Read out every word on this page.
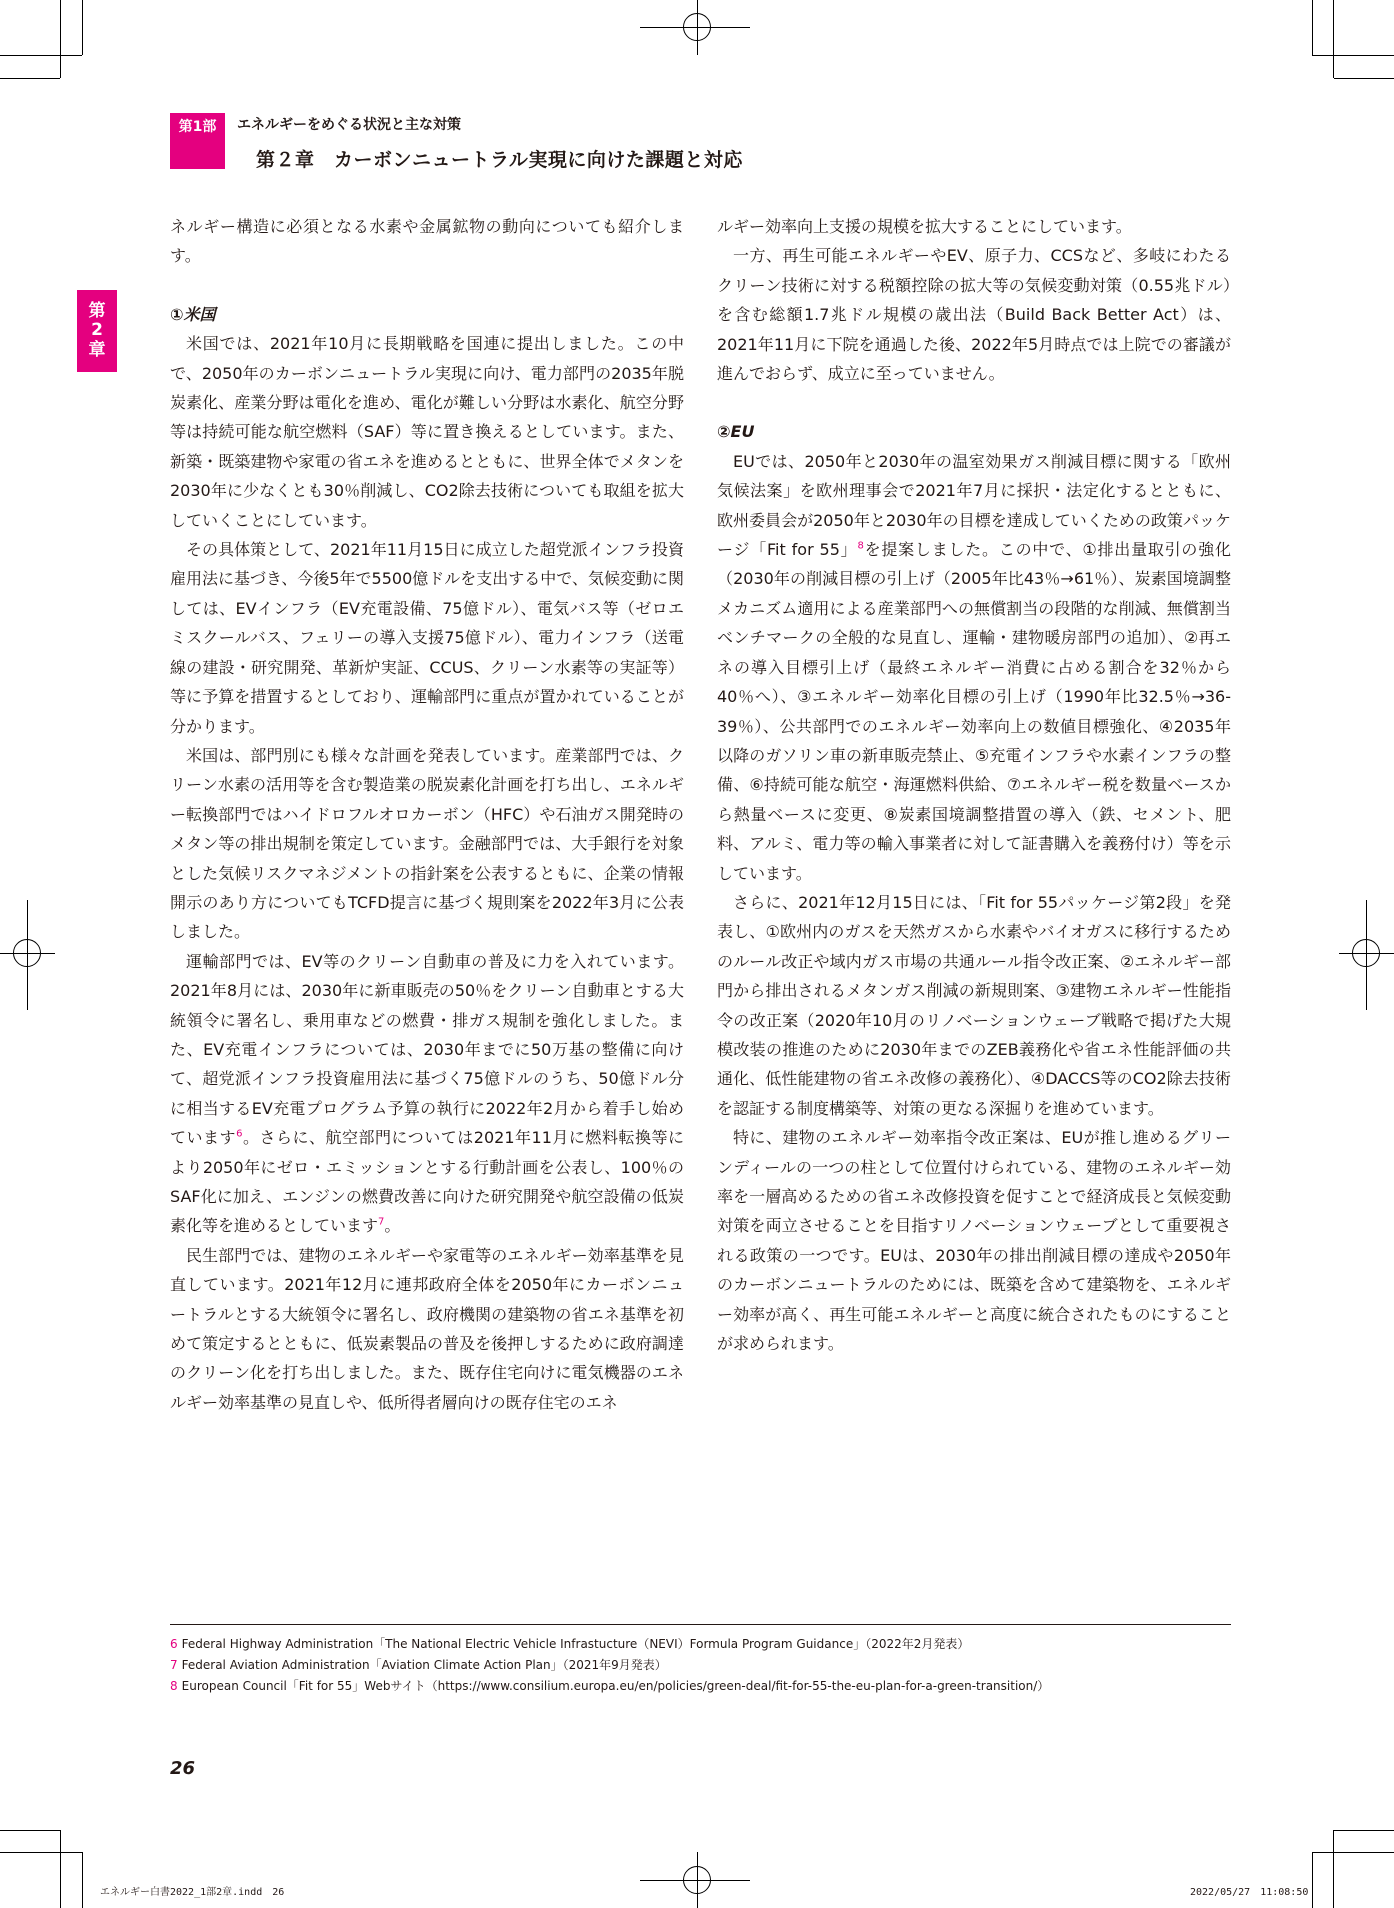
第1部	エネルギーをめぐる状況と主な対策
第２章　カーボンニュートラル実現に向けた課題と対応
第
2
章

ネルギー構造に必須となる水素や金属鉱物の動向についても紹介します。

①米国

米国では、2021年10月に長期戦略を国連に提出しました。この中で、2050年のカーボンニュートラル実現に向け、電力部門の2035年脱炭素化、産業分野は電化を進め、電化が難しい分野は水素化、航空分野等は持続可能な航空燃料（SAF）等に置き換えるとしています。また、新築・既築建物や家電の省エネを進めるとともに、世界全体でメタンを2030年に少なくとも30％削減し、CO2除去技術についても取組を拡大していくことにしています。

その具体策として、2021年11月15日に成立した超党派インフラ投資雇用法に基づき、今後5年で5500億ドルを支出する中で、気候変動に関しては、EVインフラ（EV充電設備、75億ドル）、電気バス等（ゼロエミスクールバス、フェリーの導入支援75億ドル）、電力インフラ（送電線の建設・研究開発、革新炉実証、CCUS、クリーン水素等の実証等）等に予算を措置するとしており、運輸部門に重点が置かれていることが分かります。

米国は、部門別にも様々な計画を発表しています。産業部門では、クリーン水素の活用等を含む製造業の脱炭素化計画を打ち出し、エネルギー転換部門ではハイドロフルオロカーボン（HFC）や石油ガス開発時のメタン等の排出規制を策定しています。金融部門では、大手銀行を対象とした気候リスクマネジメントの指針案を公表するともに、企業の情報開示のあり方についてもTCFD提言に基づく規則案を2022年3月に公表しました。

運輸部門では、EV等のクリーン自動車の普及に力を入れています。2021年8月には、2030年に新車販売の50％をクリーン自動車とする大統領令に署名し、乗用車などの燃費・排ガス規制を強化しました。また、EV充電インフラについては、2030年までに50万基の整備に向けて、超党派インフラ投資雇用法に基づく75億ドルのうち、50億ドル分に相当するEV充電プログラム予算の執行に2022年2月から着手し始めています$^6$。さらに、航空部門については2021年11月に燃料転換等により2050年にゼロ・エミッションとする行動計画を公表し、100％のSAF化に加え、エンジンの燃費改善に向けた研究開発や航空設備の低炭素化等を進めるとしています$^7$。

民生部門では、建物のエネルギーや家電等のエネルギー効率基準を見直しています。2021年12月に連邦政府全体を2050年にカーボンニュートラルとする大統領令に署名し、政府機関の建築物の省エネ基準を初めて策定するとともに、低炭素製品の普及を後押しするために政府調達のクリーン化を打ち出しました。また、既存住宅向けに電気機器のエネルギー効率基準の見直しや、低所得者層向けの既存住宅のエネ

ルギー効率向上支援の規模を拡大することにしています。

一方、再生可能エネルギーやEV、原子力、CCSなど、多岐にわたるクリーン技術に対する税額控除の拡大等の気候変動対策（0.55兆ドル）を含む総額1.7兆ドル規模の歳出法（Build Back Better Act）は、2021年11月に下院を通過した後、2022年5月時点では上院での審議が進んでおらず、成立に至っていません。

②EU

EUでは、2050年と2030年の温室効果ガス削減目標に関する「欧州気候法案」を欧州理事会で2021年7月に採択・法定化するとともに、欧州委員会が2050年と2030年の目標を達成していくための政策パッケージ「Fit for 55」$^8$を提案しました。この中で、①排出量取引の強化（2030年の削減目標の引上げ（2005年比43％→61％）、炭素国境調整メカニズム適用による産業部門への無償割当の段階的な削減、無償割当ベンチマークの全般的な見直し、運輸・建物暖房部門の追加）、②再エネの導入目標引上げ（最終エネルギー消費に占める割合を32％から40％へ）、③エネルギー効率化目標の引上げ（1990年比32.5％→36-39％）、公共部門でのエネルギー効率向上の数値目標強化、④2035年以降のガソリン車の新車販売禁止、⑤充電インフラや水素インフラの整備、⑥持続可能な航空・海運燃料供給、⑦エネルギー税を数量ベースから熱量ベースに変更、⑧炭素国境調整措置の導入（鉄、セメント、肥料、アルミ、電力等の輸入事業者に対して証書購入を義務付け）等を示しています。

さらに、2021年12月15日には、「Fit for 55パッケージ第2段」を発表し、①欧州内のガスを天然ガスから水素やバイオガスに移行するためのルール改正や域内ガス市場の共通ルール指令改正案、②エネルギー部門から排出されるメタンガス削減の新規則案、③建物エネルギー性能指令の改正案（2020年10月のリノベーションウェーブ戦略で掲げた大規模改装の推進のために2030年までのZEB義務化や省エネ性能評価の共通化、低性能建物の省エネ改修の義務化）、④DACCS等のCO2除去技術を認証する制度構築等、対策の更なる深掘りを進めています。

特に、建物のエネルギー効率指令改正案は、EUが推し進めるグリーンディールの一つの柱として位置付けられている、建物のエネルギー効率を一層高めるための省エネ改修投資を促すことで経済成長と気候変動対策を両立させることを目指すリノベーションウェーブとして重要視される政策の一つです。EUは、2030年の排出削減目標の達成や2050年のカーボンニュートラルのためには、既築を含めて建築物を、エネルギー効率が高く、再生可能エネルギーと高度に統合されたものにすることが求められます。

6 Federal Highway Administration「The National Electric Vehicle Infrastucture（NEVI）Formula Program Guidance」（2022年2月発表）
7 Federal Aviation Administration「Aviation Climate Action Plan」（2021年9月発表）
8 European Council「Fit for 55」Webサイト（https://www.consilium.europa.eu/en/policies/green-deal/fit-for-55-the-eu-plan-for-a-green-transition/）
26
エネルギー白書2022_1部2章.indd　26	2022/05/27　11:08:50
